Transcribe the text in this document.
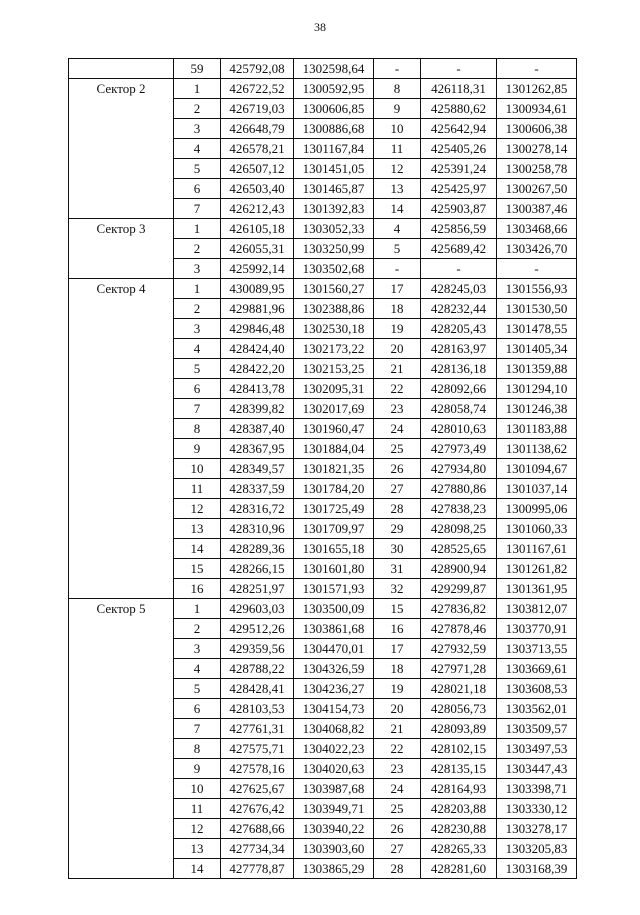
38
	59	425792,08	1302598,64	-	-	-
Сектор 2	1	426722,52	1300592,95	8	426118,31	1301262,85
	2	426719,03	1300606,85	9	425880,62	1300934,61
	3	426648,79	1300886,68	10	425642,94	1300606,38
	4	426578,21	1301167,84	11	425405,26	1300278,14
	5	426507,12	1301451,05	12	425391,24	1300258,78
	6	426503,40	1301465,87	13	425425,97	1300267,50
	7	426212,43	1301392,83	14	425903,87	1300387,46
Сектор 3	1	426105,18	1303052,33	4	425856,59	1303468,66
	2	426055,31	1303250,99	5	425689,42	1303426,70
	3	425992,14	1303502,68	-	-	-
Сектор 4	1	430089,95	1301560,27	17	428245,03	1301556,93
	2	429881,96	1302388,86	18	428232,44	1301530,50
	3	429846,48	1302530,18	19	428205,43	1301478,55
	4	428424,40	1302173,22	20	428163,97	1301405,34
	5	428422,20	1302153,25	21	428136,18	1301359,88
	6	428413,78	1302095,31	22	428092,66	1301294,10
	7	428399,82	1302017,69	23	428058,74	1301246,38
	8	428387,40	1301960,47	24	428010,63	1301183,88
	9	428367,95	1301884,04	25	427973,49	1301138,62
	10	428349,57	1301821,35	26	427934,80	1301094,67
	11	428337,59	1301784,20	27	427880,86	1301037,14
	12	428316,72	1301725,49	28	427838,23	1300995,06
	13	428310,96	1301709,97	29	428098,25	1301060,33
	14	428289,36	1301655,18	30	428525,65	1301167,61
	15	428266,15	1301601,80	31	428900,94	1301261,82
	16	428251,97	1301571,93	32	429299,87	1301361,95
Сектор 5	1	429603,03	1303500,09	15	427836,82	1303812,07
	2	429512,26	1303861,68	16	427878,46	1303770,91
	3	429359,56	1304470,01	17	427932,59	1303713,55
	4	428788,22	1304326,59	18	427971,28	1303669,61
	5	428428,41	1304236,27	19	428021,18	1303608,53
	6	428103,53	1304154,73	20	428056,73	1303562,01
	7	427761,31	1304068,82	21	428093,89	1303509,57
	8	427575,71	1304022,23	22	428102,15	1303497,53
	9	427578,16	1304020,63	23	428135,15	1303447,43
	10	427625,67	1303987,68	24	428164,93	1303398,71
	11	427676,42	1303949,71	25	428203,88	1303330,12
	12	427688,66	1303940,22	26	428230,88	1303278,17
	13	427734,34	1303903,60	27	428265,33	1303205,83
	14	427778,87	1303865,29	28	428281,60	1303168,39
